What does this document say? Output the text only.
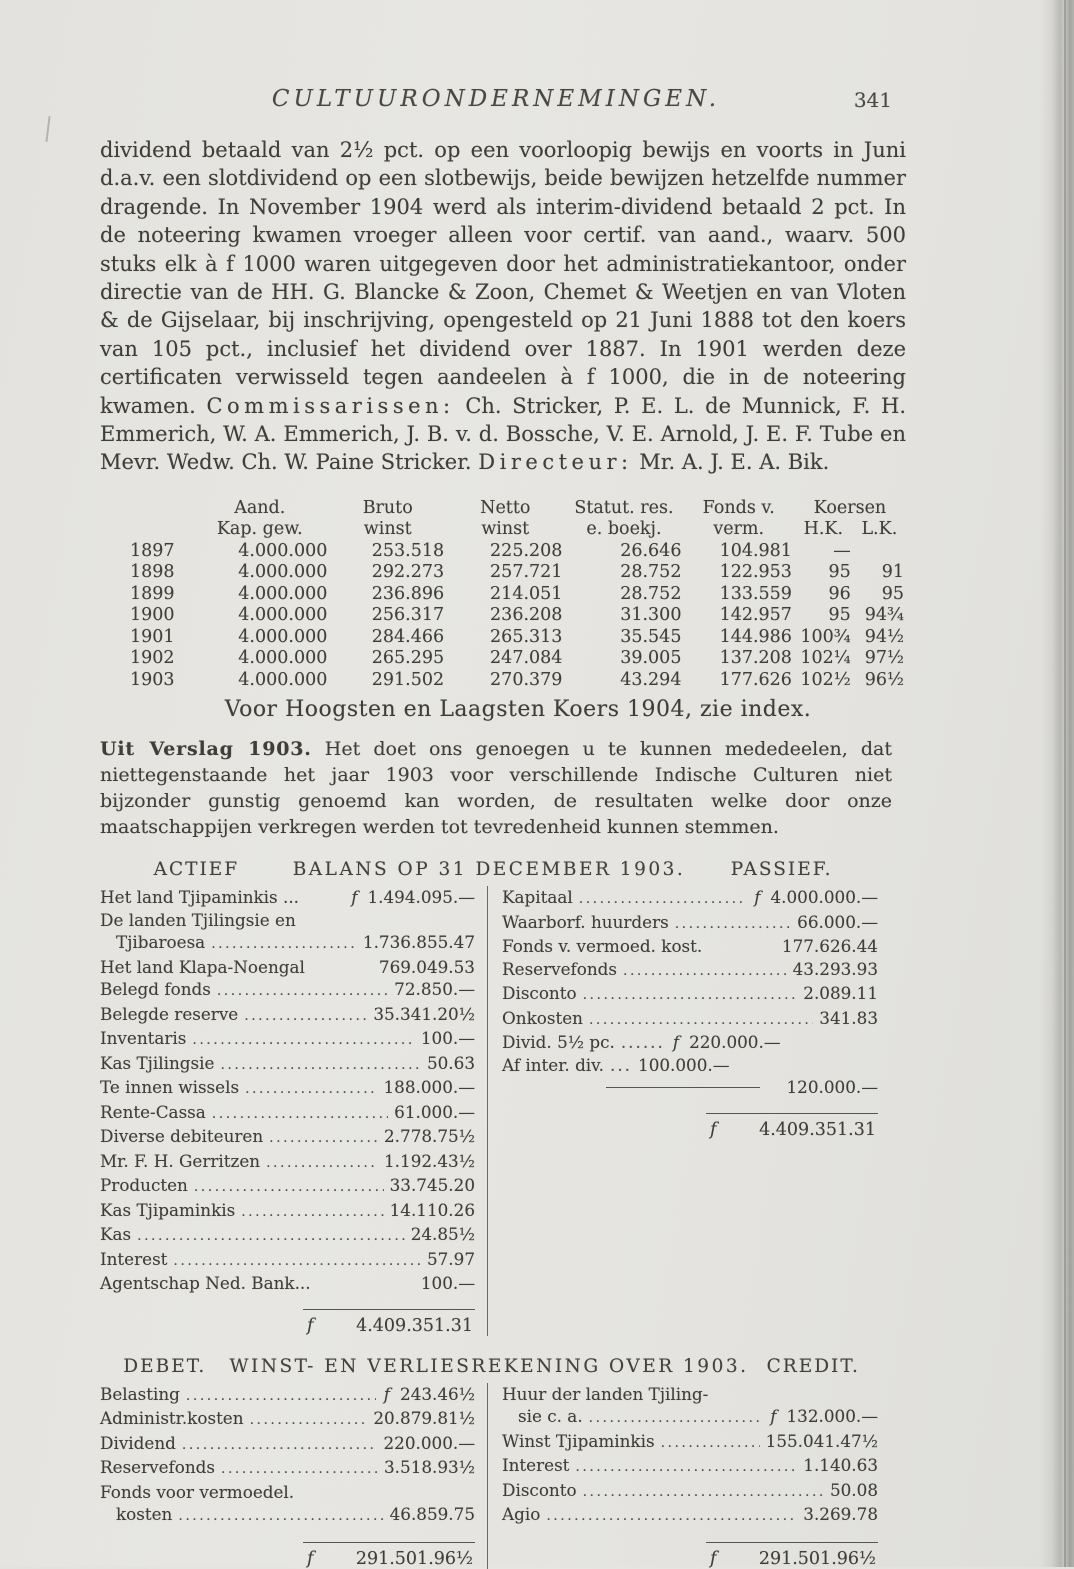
CULTUURONDERNEMINGEN.	341

dividend betaald van 2½ pct. op een voorloopig bewijs en voorts in Juni d.a.v. een slotdividend op een slotbewijs, beide bewijzen hetzelfde nummer dragende. In November 1904 werd als interim-dividend betaald 2 pct. In de noteering kwamen vroeger alleen voor certif. van aand., waarv. 500 stuks elk à f 1000 waren uitgegeven door het administratiekantoor, onder directie van de HH. G. Blancke & Zoon, Chemet & Weetjen en van Vloten & de Gijselaar, bij inschrijving, opengesteld op 21 Juni 1888 tot den koers van 105 pct., inclusief het dividend over 1887. In 1901 werden deze certificaten verwisseld tegen aandeelen à f 1000, die in de noteering kwamen. Commissarissen: Ch. Stricker, P. E. L. de Munnick, F. H. Emmerich, W. A. Emmerich, J. B. v. d. Bossche, V. E. Arnold, J. E. F. Tube en Mevr. Wedw. Ch. W. Paine Stricker. Directeur: Mr. A. J. E. A. Bik.

	Aand.	Bruto	Netto	Statut. res.	Fonds v.	Koersen	
	Kap. gew.	winst	winst	e. boekj.	verm.	H.K.	L.K.
1897	4.000.000	253.518	225.208	26.646	104.981	—	
1898	4.000.000	292.273	257.721	28.752	122.953	95	91
1899	4.000.000	236.896	214.051	28.752	133.559	96	95
1900	4.000.000	256.317	236.208	31.300	142.957	95	94¾
1901	4.000.000	284.466	265.313	35.545	144.986	100¾	94½
1902	4.000.000	265.295	247.084	39.005	137.208	102¼	97½
1903	4.000.000	291.502	270.379	43.294	177.626	102½	96½
Voor Hoogsten en Laagsten Koers 1904, zie index.

Uit Verslag 1903. Het doet ons genoegen u te kunnen mededeelen, dat niettegenstaande het jaar 1903 voor verschillende Indische Culturen niet bijzonder gunstig genoemd kan worden, de resultaten welke door onze maatschappijen verkregen werden tot tevredenheid kunnen stemmen.

ACTIEF	BALANS OP 31 DECEMBER 1903.	PASSIEF.
Het land Tjipaminkis ...	f 1.494.095.—
De landen Tjilingsie en
Tjibaroesa .....	1.736.855.47
Het land Klapa-Noengal	769.049.53
Belegd fonds .....	72.850.—
Belegde reserve .....	35.341.20½
Inventaris .....	100.—
Kas Tjilingsie .....	50.63
Te innen wissels .....	188.000.—
Rente-Cassa .....	61.000.—
Diverse debiteuren .....	2.778.75½
Mr. F. H. Gerritzen .....	1.192.43½
Producten .....	33.745.20
Kas Tjipaminkis .....	14.110.26
Kas .....	24.85½
Interest .....	57.97
Agentschap Ned. Bank...	100.—
f 4.409.351.31
Kapitaal .....	f 4.000.000.—
Waarborf. huurders .....	66.000.—
Fonds v. vermoed. kost.	177.626.44
Reservefonds .....	43.293.93
Disconto .....	2.089.11
Onkosten .....	341.83
Divid. 5½ pc. ...... f 220.000.—
Af inter. div. ... 100.000.—
120.000.—
f 4.409.351.31
DEBET.	WINST- EN VERLIESREKENING OVER 1903. CREDIT.
Belasting .....	f 243.46½
Administr.kosten .....	20.879.81½
Dividend .....	220.000.—
Reservefonds .....	3.518.93½
Fonds voor vermoedel.
kosten .....	46.859.75
f 291.501.96½
Huur der landen Tjiling-
sie c. a. .....	f 132.000.—
Winst Tjipaminkis .....	155.041.47½
Interest .....	1.140.63
Disconto .....	50.08
Agio .....	3.269.78
f 291.501.96½
